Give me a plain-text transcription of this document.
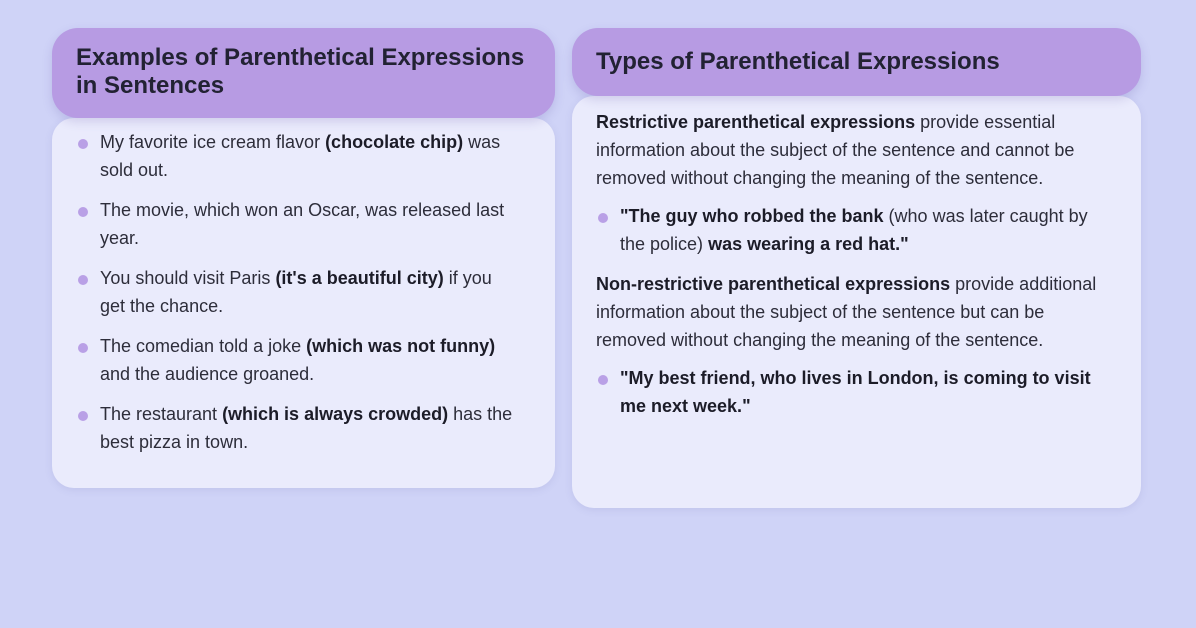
Examples of Parenthetical Expressions in Sentences
My favorite ice cream flavor (chocolate chip) was sold out.
The movie, which won an Oscar, was released last year.
You should visit Paris (it's a beautiful city) if you get the chance.
The comedian told a joke (which was not funny) and the audience groaned.
The restaurant (which is always crowded) has the best pizza in town.
Types of Parenthetical Expressions

Restrictive parenthetical expressions provide essential information about the subject of the sentence and cannot be removed without changing the meaning of the sentence.

"The guy who robbed the bank (who was later caught by the police) was wearing a red hat."

Non-restrictive parenthetical expressions provide additional information about the subject of the sentence but can be removed without changing the meaning of the sentence.

"My best friend, who lives in London, is coming to visit me next week."
